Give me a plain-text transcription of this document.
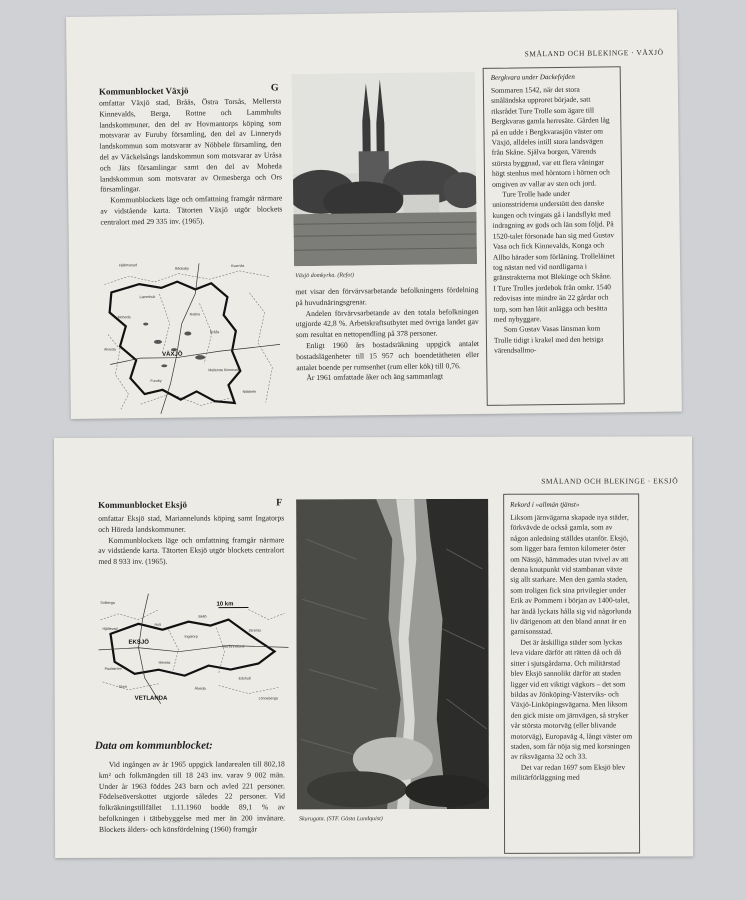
SMÅLAND OCH BLEKINGE · VÄXJÖ
Kommunblocket Växjö	G

omfattar Växjö stad, Bråås, Östra Torsås, Mellersta Kinnevalds, Berga, Rottne och Lammhults landskommuner, den del av Hovmantorps köping som motsvarar av Furuby församling, den del av Linneryds landskommun som motsvarar av Nöbbele församling, den del av Väckelsångs landskommun som motsvarar av Uråsa och Jäts församlingar samt den del av Moheda landskommun som motsvarar av Ormesberga och Ors församlingar.

Kommunblockets läge och omfattning framgår närmare av vidstående karta. Tätorten Växjö utgör blockets centralort med 29 335 inv. (1965).

Hjälmseryd
Bäckaby
Kvarnäs
Lammhult
Rottne
Bråås
Moheda
Alvesta
VÄXJÖ
Mellersta Kinnevald
Furuby
Nöbbele
Växjö domkyrka. (Refot)

met visar den förvärvsarbetande befolkningens fördelning på huvudnäringsgrenar.

Andelen förvärvsarbetande av den totala befolkningen utgjorde 42,8 %. Arbetskraftsutbytet med övriga landet gav som resultat en nettopendling på 378 personer.

Enligt 1960 års bostadsräkning uppgick antalet bostadslägenheter till 15 957 och boendetätheten eller antalet boende per rumsenhet (rum eller kök) till 0,76.

År 1961 omfattade åker och äng sammanlagt

Bergkvara under Dackefejden

Sommaren 1542, när det stora småländska upproret började, satt riksrådet Ture Trolle som ägare till Bergkvaras gamla herresäte. Gården låg på en udde i Bergkvarasjön väster om Växjö, alldeles intill stora landsvägen från Skåne. Själva borgen, Värends största byggnad, var ett flera våningar högt stenhus med hörntorn i hörnen och omgiven av vallar av sten och jord.

Ture Trolle hade under unionsstriderna understött den danske kungen och tvingats gå i landsflykt med indragning av gods och län som följd. På 1520-talet försonade han sig med Gustav Vasa och fick Kinnevalds, Konga och Allbo härader som förläning. Trolleläinet tog nästan ned vid nordligarna i gränstrakterna mot Blekinge och Skåne. I Ture Trolles jordebok från omkr. 1540 redovisas inte mindre än 22 gårdar och torp, som han låtit anlägga och besätta med nybyggare.

Som Gustav Vasas länsman kom Trolle tidigt i krakel med den hetsiga värendsallmo-

SMÅLAND OCH BLEKINGE · EKSJÖ
Kommunblocket Eksjö	F

omfattar Eksjö stad, Mariannelunds köping samt Ingatorps och Höreda landskommuner.

Kommunblockets läge och omfattning framgår närmare av vidstående karta. Tätorten Eksjö utgör blockets centralort med 8 933 inv. (1965).

10 km
Solberga
EKSJÖ
Ingatorp
Hult
Mariannelund
Höreda
VETLANDA
Ålseda
Pauliström
Skirö
Bellö
Hjältevad	Järsnäs
Edshult
Lönneberga
Data om kommunblocket:

Vid ingången av år 1965 uppgick landarealen till 802,18 km² och folkmängden till 18 243 inv. varav 9 002 män. Under år 1963 föddes 243 barn och avled 221 personer. Födelseöverskottet utgjorde således 22 personer. Vid folkräkningstillfället 1.11.1960 bodde 89,1 % av befolkningen i tätbebyggelse med mer än 200 invånare. Blockets ålders- och könsfördelning (1960) framgår

Skurugata. (STF. Gösta Lundquist)
Rekord i »allmän tjänst»

Liksom järnvägarna skapade nya städer, förkvävde de också gamla, som av någon anledning ställdes utanför. Eksjö, som ligger bara femton kilometer öster om Nässjö, hämmades utan tvivel av att denna knutpunkt vid stambanan växte sig allt starkare. Men den gamla staden, som troligen fick sina privilegier under Erik av Pommern i början av 1400-talet, har ändå lyckats hålla sig vid någorlunda liv därigenom att den bland annat är en garnisonsstad.

Det är åtskilliga städer som lyckas leva vidare därför att rätten då och då sitter i sjutsgårdarna. Och militärstad blev Eksjö sannolikt därför att staden ligger vid ett viktigt vägkors – det som bildas av Jönköping-Västerviks- och Växjö-Linköpingsvägarna. Men liksom den gick miste om järnvägen, så stryker vår största motorväg (eller blivande motorväg), Europaväg 4, långt väster om staden, som får nöja sig med korsningen av riksvägarna 32 och 33.

Det var redan 1697 som Eksjö blev militärförläggning med
